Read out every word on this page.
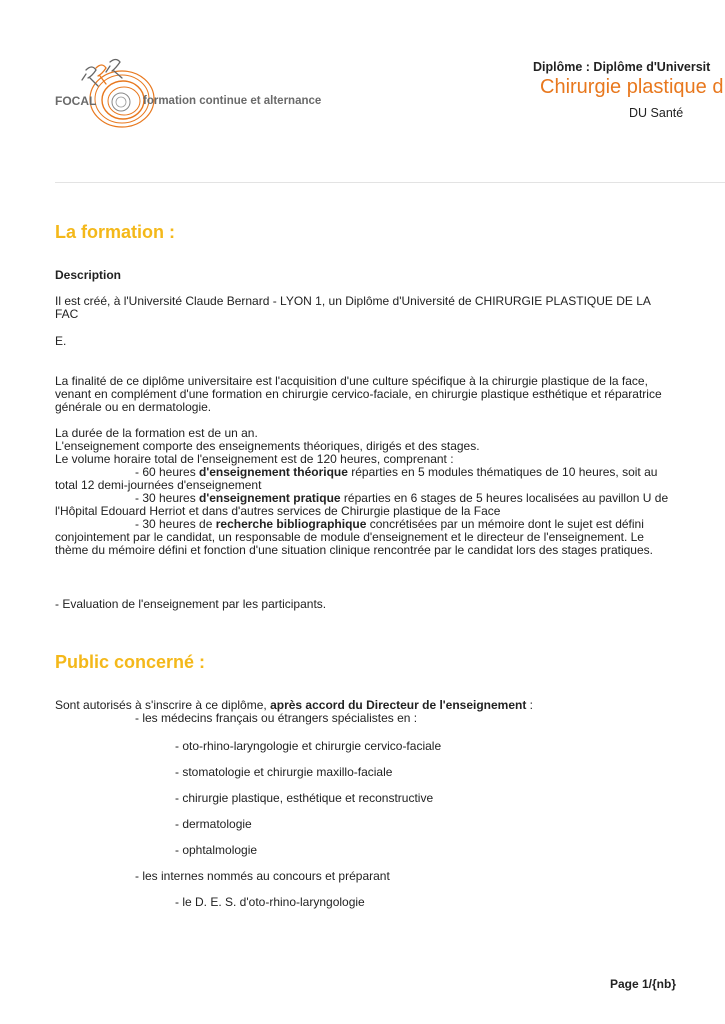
FOCAL	formation continue et alternance
Diplôme : Diplôme d'Universit
Chirurgie plastique d
DU Santé
La formation :
Description
Il est créé, à l'Université Claude Bernard - LYON 1, un Diplôme d'Université de CHIRURGIE PLASTIQUE DE LA FAC
E.
La finalité de ce diplôme universitaire est l'acquisition d'une culture spécifique à la chirurgie plastique de la face, venant en complément d'une formation en chirurgie cervico-faciale, en chirurgie plastique esthétique et réparatrice générale ou en dermatologie.
La durée de la formation est de un an.
L'enseignement comporte des enseignements théoriques, dirigés et des stages.
Le volume horaire total de l'enseignement est de 120 heures, comprenant :
- 60 heures d'enseignement théorique réparties en 5 modules thématiques de 10 heures, soit au total 12 demi-journées d'enseignement
- 30 heures d'enseignement pratique réparties en 6 stages de 5 heures localisées au pavillon U de l'Hôpital Edouard Herriot et dans d'autres services de Chirurgie plastique de la Face
- 30 heures de recherche bibliographique concrétisées par un mémoire dont le sujet est défini conjointement par le candidat, un responsable de module d'enseignement et le directeur de l'enseignement. Le thème du mémoire défini et fonction d'une situation clinique rencontrée par le candidat lors des stages pratiques.
- Evaluation de l'enseignement par les participants.
Public concerné :
Sont autorisés à s'inscrire à ce diplôme, après accord du Directeur de l'enseignement :
- les médecins français ou étrangers spécialistes en :
- oto-rhino-laryngologie et chirurgie cervico-faciale
- stomatologie et chirurgie maxillo-faciale
- chirurgie plastique, esthétique et reconstructive
- dermatologie
- ophtalmologie
- les internes nommés au concours et préparant
- le D. E. S. d'oto-rhino-laryngologie
Page 1/{nb}
